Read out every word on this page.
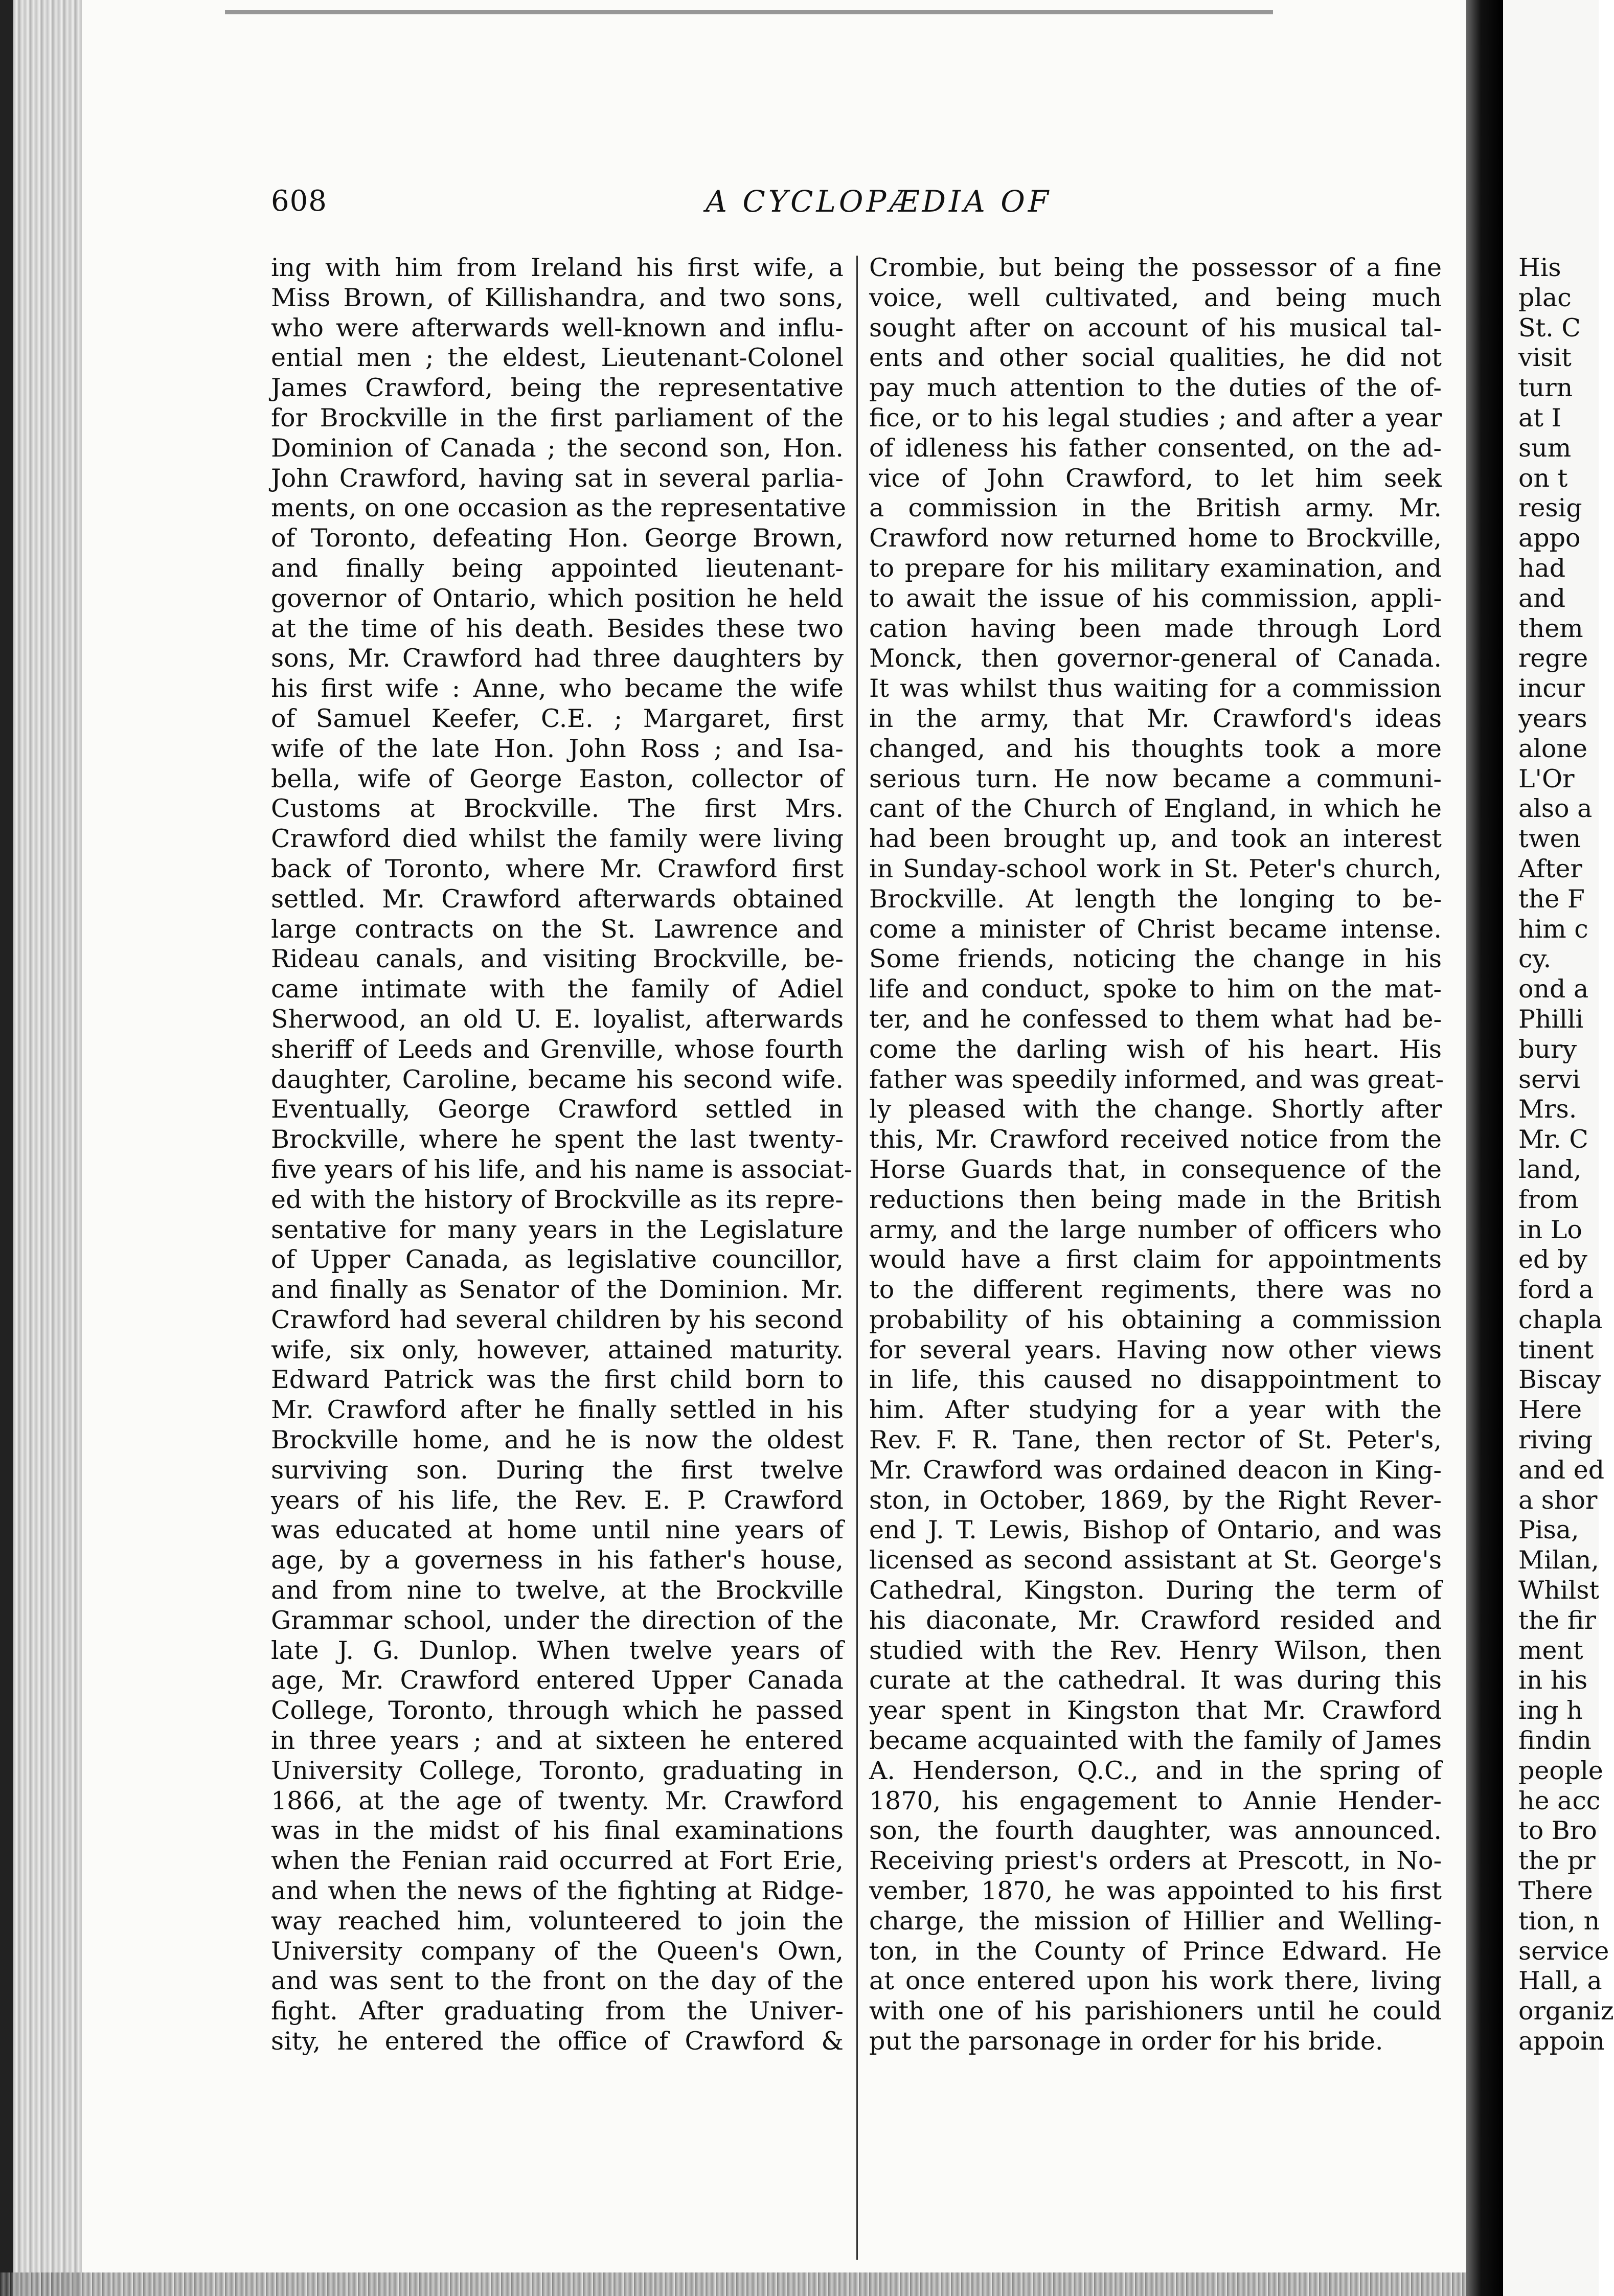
608	A CYCLOPÆDIA OF
ing with him from Ireland his first wife, a
Miss Brown, of Killishandra, and two sons,
who were afterwards well-known and influ-
ential men ; the eldest, Lieutenant-Colonel
James Crawford, being the representative
for Brockville in the first parliament of the
Dominion of Canada ; the second son, Hon.
John Crawford, having sat in several parlia-
ments, on one occasion as the representative
of Toronto, defeating Hon. George Brown,
and finally being appointed lieutenant-
governor of Ontario, which position he held
at the time of his death. Besides these two
sons, Mr. Crawford had three daughters by
his first wife : Anne, who became the wife
of Samuel Keefer, C.E. ; Margaret, first
wife of the late Hon. John Ross ; and Isa-
bella, wife of George Easton, collector of
Customs at Brockville. The first Mrs.
Crawford died whilst the family were living
back of Toronto, where Mr. Crawford first
settled. Mr. Crawford afterwards obtained
large contracts on the St. Lawrence and
Rideau canals, and visiting Brockville, be-
came intimate with the family of Adiel
Sherwood, an old U. E. loyalist, afterwards
sheriff of Leeds and Grenville, whose fourth
daughter, Caroline, became his second wife.
Eventually, George Crawford settled in
Brockville, where he spent the last twenty-
five years of his life, and his name is associat-
ed with the history of Brockville as its repre-
sentative for many years in the Legislature
of Upper Canada, as legislative councillor,
and finally as Senator of the Dominion. Mr.
Crawford had several children by his second
wife, six only, however, attained maturity.
Edward Patrick was the first child born to
Mr. Crawford after he finally settled in his
Brockville home, and he is now the oldest
surviving son. During the first twelve
years of his life, the Rev. E. P. Crawford
was educated at home until nine years of
age, by a governess in his father's house,
and from nine to twelve, at the Brockville
Grammar school, under the direction of the
late J. G. Dunlop. When twelve years of
age, Mr. Crawford entered Upper Canada
College, Toronto, through which he passed
in three years ; and at sixteen he entered
University College, Toronto, graduating in
1866, at the age of twenty. Mr. Crawford
was in the midst of his final examinations
when the Fenian raid occurred at Fort Erie,
and when the news of the fighting at Ridge-
way reached him, volunteered to join the
University company of the Queen's Own,
and was sent to the front on the day of the
fight. After graduating from the Univer-
sity, he entered the office of Crawford &
Crombie, but being the possessor of a fine
voice, well cultivated, and being much
sought after on account of his musical tal-
ents and other social qualities, he did not
pay much attention to the duties of the of-
fice, or to his legal studies ; and after a year
of idleness his father consented, on the ad-
vice of John Crawford, to let him seek
a commission in the British army. Mr.
Crawford now returned home to Brockville,
to prepare for his military examination, and
to await the issue of his commission, appli-
cation having been made through Lord
Monck, then governor-general of Canada.
It was whilst thus waiting for a commission
in the army, that Mr. Crawford's ideas
changed, and his thoughts took a more
serious turn. He now became a communi-
cant of the Church of England, in which he
had been brought up, and took an interest
in Sunday-school work in St. Peter's church,
Brockville. At length the longing to be-
come a minister of Christ became intense.
Some friends, noticing the change in his
life and conduct, spoke to him on the mat-
ter, and he confessed to them what had be-
come the darling wish of his heart. His
father was speedily informed, and was great-
ly pleased with the change. Shortly after
this, Mr. Crawford received notice from the
Horse Guards that, in consequence of the
reductions then being made in the British
army, and the large number of officers who
would have a first claim for appointments
to the different regiments, there was no
probability of his obtaining a commission
for several years. Having now other views
in life, this caused no disappointment to
him. After studying for a year with the
Rev. F. R. Tane, then rector of St. Peter's,
Mr. Crawford was ordained deacon in King-
ston, in October, 1869, by the Right Rever-
end J. T. Lewis, Bishop of Ontario, and was
licensed as second assistant at St. George's
Cathedral, Kingston. During the term of
his diaconate, Mr. Crawford resided and
studied with the Rev. Henry Wilson, then
curate at the cathedral. It was during this
year spent in Kingston that Mr. Crawford
became acquainted with the family of James
A. Henderson, Q.C., and in the spring of
1870, his engagement to Annie Hender-
son, the fourth daughter, was announced.
Receiving priest's orders at Prescott, in No-
vember, 1870, he was appointed to his first
charge, the mission of Hillier and Welling-
ton, in the County of Prince Edward. He
at once entered upon his work there, living
with one of his parishioners until he could
put the parsonage in order for his bride.
His
plac
St. C
visit
turn
at I
sum
on t
resig
appo
had
and
them
regre
incur
years
alone
L'Or
also a
twen
After
the F
him c
cy.
ond a
Philli
bury
servi
Mrs.
Mr. C
land,
from
in Lo
ed by
ford a
chapla
tinent
Biscay
Here
riving
and ed
a shor
Pisa,
Milan,
Whilst
the fir
ment
in his
ing h
findin
people
he acc
to Bro
the pr
There
tion, n
service
Hall, a
organiz
appoin
